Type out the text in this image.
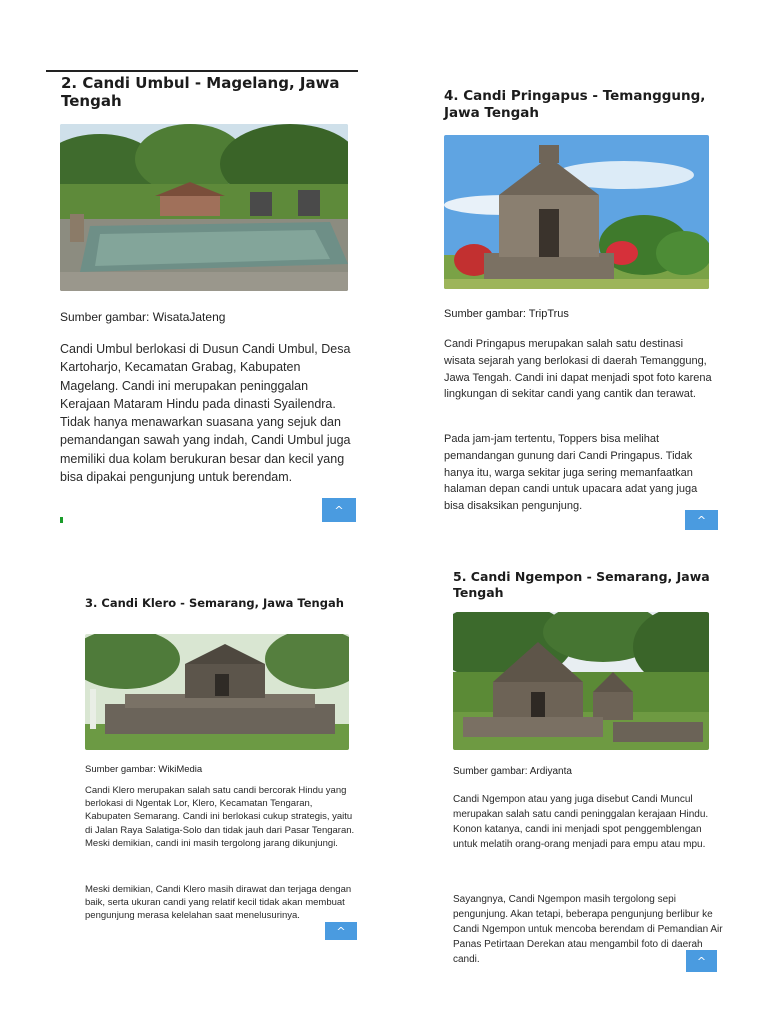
2. Candi Umbul - Magelang, Jawa Tengah

Sumber gambar: WisataJateng

Candi Umbul berlokasi di Dusun Candi Umbul, Desa Kartoharjo, Kecamatan Grabag, Kabupaten Magelang. Candi ini merupakan peninggalan Kerajaan Mataram Hindu pada dinasti Syailendra. Tidak hanya menawarkan suasana yang sejuk dan pemandangan sawah yang indah, Candi Umbul juga memiliki dua kolam berukuran besar dan kecil yang bisa dipakai pengunjung untuk berendam.

^
4. Candi Pringapus - Temanggung, Jawa Tengah

Sumber gambar: TripTrus

Candi Pringapus merupakan salah satu destinasi wisata sejarah yang berlokasi di daerah Temanggung, Jawa Tengah. Candi ini dapat menjadi spot foto karena lingkungan di sekitar candi yang cantik dan terawat.

Pada jam-jam tertentu, Toppers bisa melihat pemandangan gunung dari Candi Pringapus. Tidak hanya itu, warga sekitar juga sering memanfaatkan halaman depan candi untuk upacara adat yang juga bisa disaksikan pengunjung.

^
3. Candi Klero - Semarang, Jawa Tengah

Sumber gambar: WikiMedia

Candi Klero merupakan salah satu candi bercorak Hindu yang berlokasi di Ngentak Lor, Klero, Kecamatan Tengaran, Kabupaten Semarang. Candi ini berlokasi cukup strategis, yaitu di Jalan Raya Salatiga-Solo dan tidak jauh dari Pasar Tengaran. Meski demikian, candi ini masih tergolong jarang dikunjungi.

Meski demikian, Candi Klero masih dirawat dan terjaga dengan baik, serta ukuran candi yang relatif kecil tidak akan membuat pengunjung merasa kelelahan saat menelusurinya.

^
5. Candi Ngempon - Semarang, Jawa Tengah

Sumber gambar: Ardiyanta

Candi Ngempon atau yang juga disebut Candi Muncul merupakan salah satu candi peninggalan kerajaan Hindu. Konon katanya, candi ini menjadi spot penggemblengan untuk melatih orang-orang menjadi para empu atau mpu.

Sayangnya, Candi Ngempon masih tergolong sepi pengunjung. Akan tetapi, beberapa pengunjung berlibur ke Candi Ngempon untuk mencoba berendam di Pemandian Air Panas Petirtaan Derekan atau mengambil foto di daerah candi.	^
